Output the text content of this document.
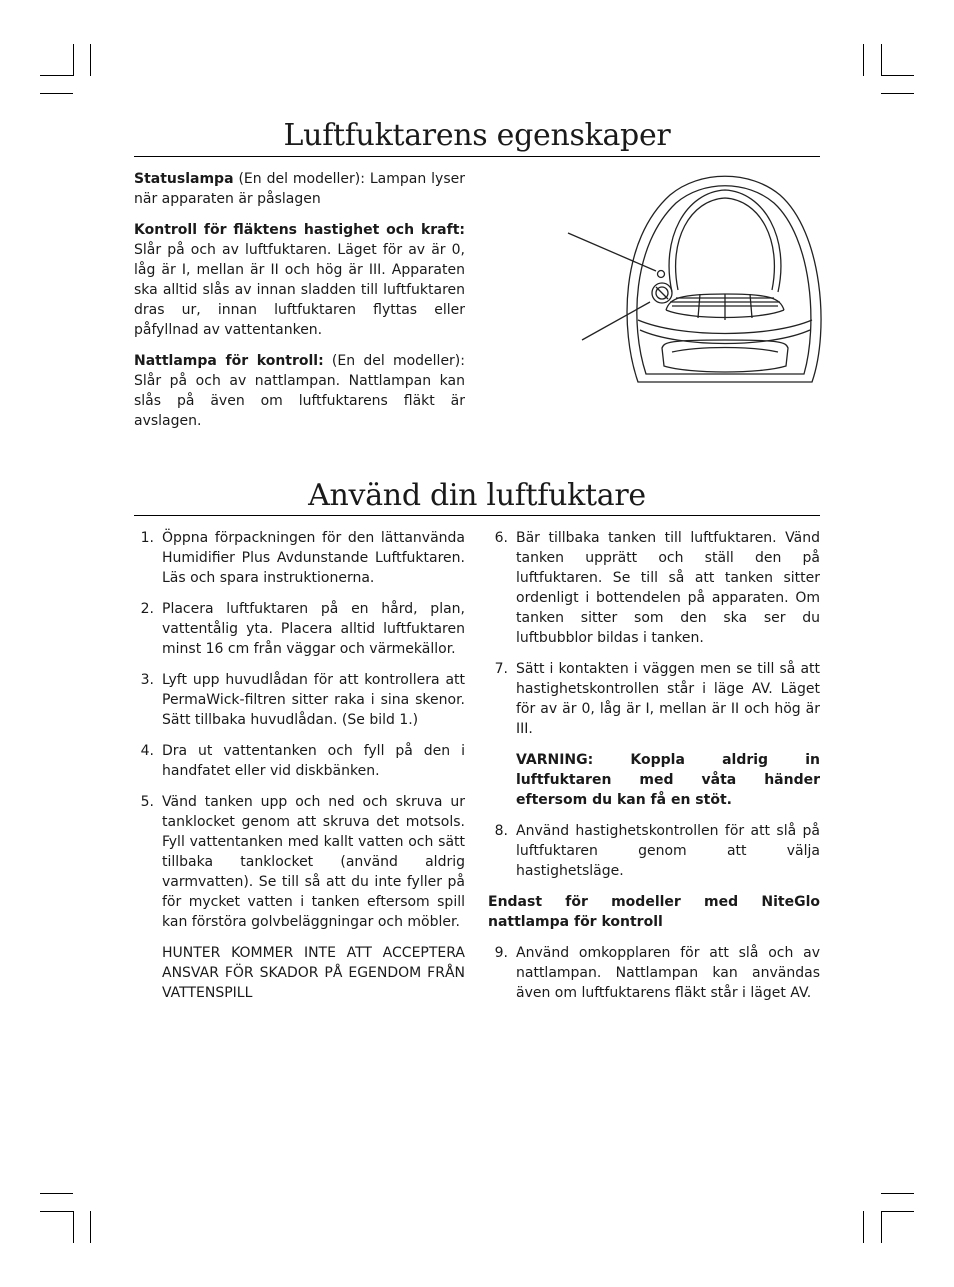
Luftfuktarens egenskaper

Statuslampa (En del modeller): Lampan lyser när apparaten är påslagen

Kontroll för fläktens hastighet och kraft: Slår på och av luftfuktaren. Läget för av är 0, låg är I, mellan är II och hög är III. Apparaten ska alltid slås av innan sladden till luftfuktaren dras ur, innan luftfuktaren flyttas eller påfyllnad av vattentanken.

Nattlampa för kontroll: (En del modeller): Slår på och av nattlampan. Nattlampan kan slås på även om luftfuktarens fläkt är avslagen.

Använd din luftfuktare
1. Öppna förpackningen för den lättanvända Humidifier Plus Avdunstande Luftfuktaren. Läs och spara instruktionerna.
2. Placera luftfuktaren på en hård, plan, vattentålig yta. Placera alltid luftfuktaren minst 16 cm från väggar och värmekällor.
3. Lyft upp huvudlådan för att kontrollera att PermaWick-filtren sitter raka i sina skenor. Sätt tillbaka huvudlådan. (Se bild 1.)
4. Dra ut vattentanken och fyll på den i handfatet eller vid diskbänken.
5. Vänd tanken upp och ned och skruva ur tanklocket genom att skruva det motsols. Fyll vattentanken med kallt vatten och sätt tillbaka tanklocket (använd aldrig varmvatten). Se till så att du inte fyller på för mycket vatten i tanken eftersom spill kan förstöra golvbeläggningar och möbler.
HUNTER KOMMER INTE ATT ACCEPTERA ANSVAR FÖR SKADOR PÅ EGENDOM FRÅN VATTENSPILL
6. Bär tillbaka tanken till luftfuktaren. Vänd tanken upprätt och ställ den på luftfuktaren. Se till så att tanken sitter ordenligt i bottendelen på apparaten. Om tanken sitter som den ska ser du luftbubblor bildas i tanken.
7. Sätt i kontakten i väggen men se till så att hastighetskontrollen står i läge AV. Läget för av är 0, låg är I, mellan är II och hög är III.
VARNING: Koppla aldrig in luftfuktaren med våta händer eftersom du kan få en stöt.
8. Använd hastighetskontrollen för att slå på luftfuktaren genom att välja hastighetsläge.

Endast för modeller med NiteGlo nattlampa för kontroll

9. Använd omkopplaren för att slå och av nattlampan. Nattlampan kan användas även om luftfuktarens fläkt står i läget AV.
